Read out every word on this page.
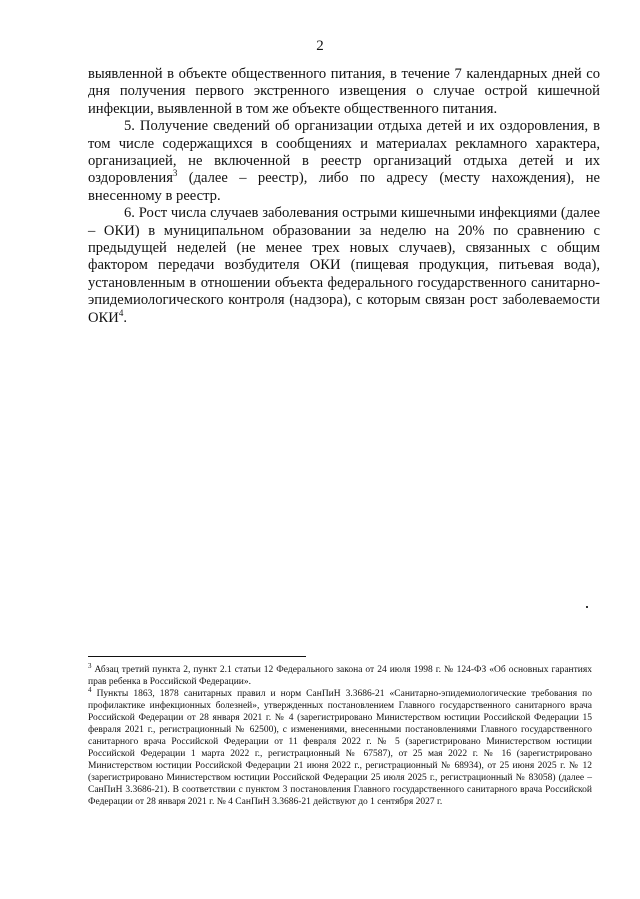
2

выявленной в объекте общественного питания, в течение 7 календарных дней со дня получения первого экстренного извещения о случае острой кишечной инфекции, выявленной в том же объекте общественного питания.

5. Получение сведений об организации отдыха детей и их оздоровления, в том числе содержащихся в сообщениях и материалах рекламного характера, организацией, не включенной в реестр организаций отдыха детей и их оздоровления$^3$ (далее – реестр), либо по адресу (месту нахождения), не внесенному в реестр.

6. Рост числа случаев заболевания острыми кишечными инфекциями (далее – ОКИ) в муниципальном образовании за неделю на 20% по сравнению с предыдущей неделей (не менее трех новых случаев), связанных с общим фактором передачи возбудителя ОКИ (пищевая продукция, питьевая вода), установленным в отношении объекта федерального государственного санитарно-эпидемиологического контроля (надзора), с которым связан рост заболеваемости ОКИ$^4$.

$^3$ Абзац третий пункта 2, пункт 2.1 статьи 12 Федерального закона от 24 июля 1998 г. № 124-ФЗ «Об основных гарантиях прав ребенка в Российской Федерации».

$^4$ Пункты 1863, 1878 санитарных правил и норм СанПиН 3.3686-21 «Санитарно-эпидемиологические требования по профилактике инфекционных болезней», утвержденных постановлением Главного государственного санитарного врача Российской Федерации от 28 января 2021 г. № 4 (зарегистрировано Министерством юстиции Российской Федерации 15 февраля 2021 г., регистрационный № 62500), с изменениями, внесенными постановлениями Главного государственного санитарного врача Российской Федерации от 11 февраля 2022 г. № 5 (зарегистрировано Министерством юстиции Российской Федерации 1 марта 2022 г., регистрационный № 67587), от 25 мая 2022 г. № 16 (зарегистрировано Министерством юстиции Российской Федерации 21 июня 2022 г., регистрационный № 68934), от 25 июня 2025 г. № 12 (зарегистрировано Министерством юстиции Российской Федерации 25 июля 2025 г., регистрационный № 83058) (далее – СанПиН 3.3686-21). В соответствии с пунктом 3 постановления Главного государственного санитарного врача Российской Федерации от 28 января 2021 г. № 4 СанПиН 3.3686-21 действуют до 1 сентября 2027 г.
